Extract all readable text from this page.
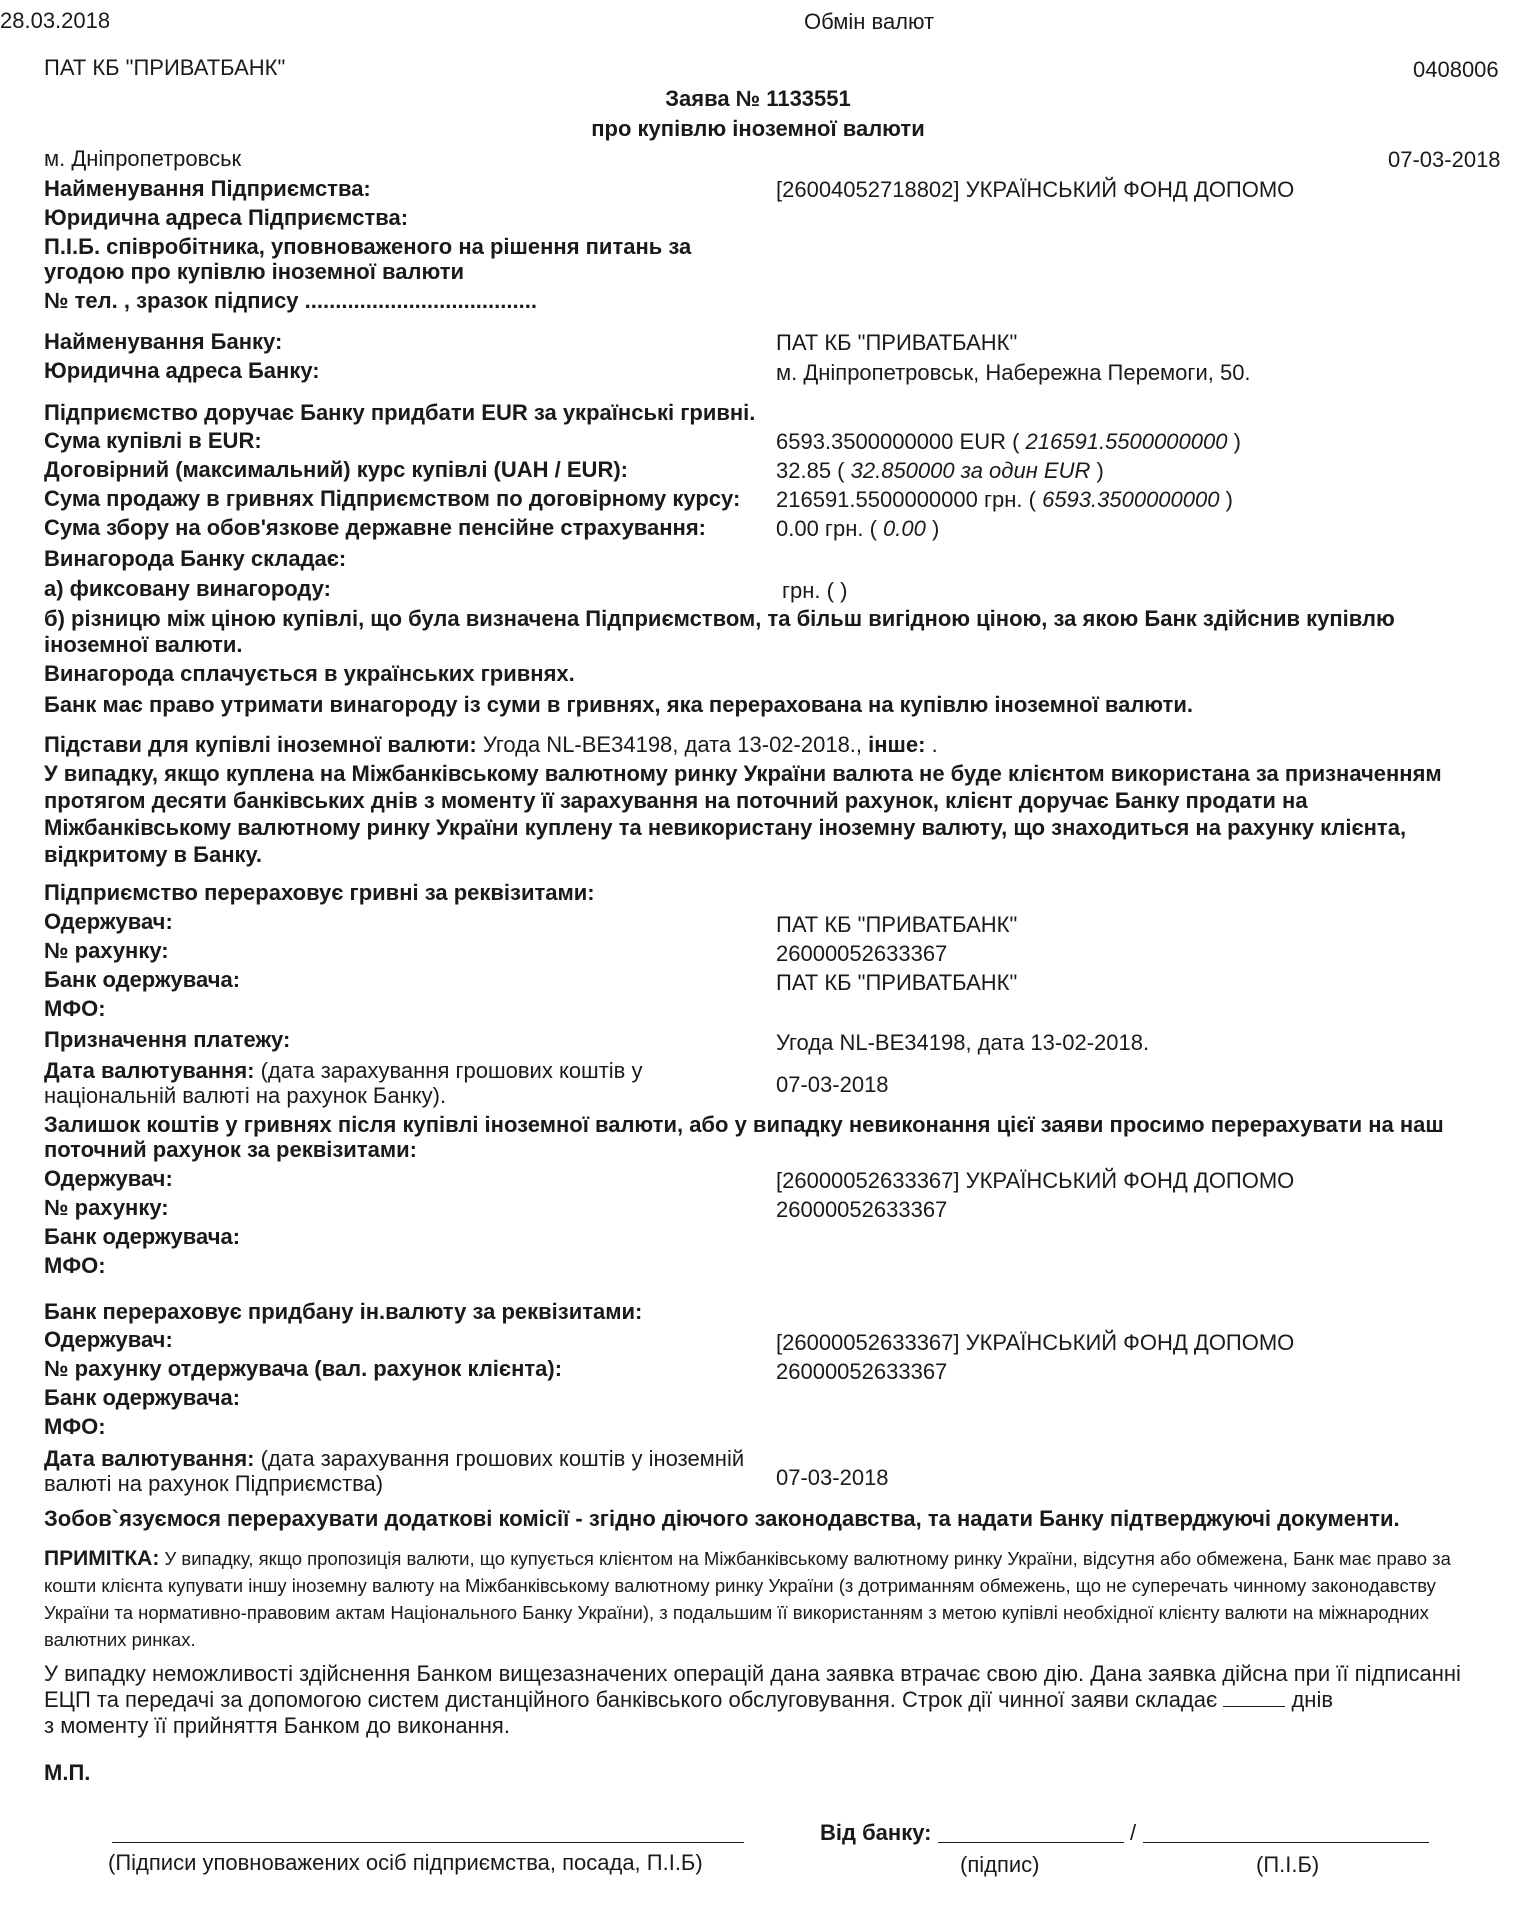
28.03.2018	Обмін валют
ПАТ КБ "ПРИВАТБАНК"	0408006
Заява № 1133551
про купівлю іноземної валюти
м. Дніпропетровськ	07-03-2018
Найменування Підприємства:	[26004052718802] УКРАЇНСЬКИЙ ФОНД ДОПОМО
Юридична адреса Підприємства:
П.І.Б. співробітника, уповноваженого на рішення питань за
угодою про купівлю іноземної валюти
№ тел. , зразок підпису ......................................
Найменування Банку:	ПАТ КБ "ПРИВАТБАНК"
Юридична адреса Банку:	м. Дніпропетровськ, Набережна Перемоги, 50.
Підприємство доручає Банку придбати EUR за українські гривні.
Сума купівлі в EUR:	6593.3500000000 EUR ( 216591.5500000000 )
Договірний (максимальний) курс купівлі (UAH / EUR):	32.85 ( 32.850000 за один EUR )
Сума продажу в гривнях Підприємством по договірному курсу: 216591.5500000000 грн. ( 6593.3500000000 )
Сума збору на обов'язкове державне пенсійне страхування:	0.00 грн. ( 0.00 )
Винагорода Банку складає:
а) фиксовану винагороду:	грн. ( )
б) різницю між ціною купівлі, що була визначена Підприємством, та більш вигідною ціною, за якою Банк здійснив купівлю іноземної валюти.
Винагорода сплачується в українських гривнях.
Банк має право утримати винагороду із суми в гривнях, яка перерахована на купівлю іноземної валюти.
Підстави для купівлі іноземної валюти: Угода NL-BE34198, дата 13-02-2018., інше: .
У випадку, якщо куплена на Міжбанківському валютному ринку України валюта не буде клієнтом використана за призначенням протягом десяти банківських днів з моменту її зарахування на поточний рахунок, клієнт доручає Банку продати на Міжбанківському валютному ринку України куплену та невикористану іноземну валюту, що знаходиться на рахунку клієнта, відкритому в Банку.
Підприємство перераховує гривні за реквізитами:
Одержувач:	ПАТ КБ "ПРИВАТБАНК"
№ рахунку:	26000052633367
Банк одержувача:	ПАТ КБ "ПРИВАТБАНК"
МФО:
Призначення платежу:	Угода NL-BE34198, дата 13-02-2018.
Дата валютування: (дата зарахування грошових коштів у
національній валюті на рахунок Банку).	07-03-2018
Залишок коштів у гривнях після купівлі іноземної валюти, або у випадку невиконання цієї заяви просимо перерахувати на наш поточний рахунок за реквізитами:
Одержувач:	[26000052633367] УКРАЇНСЬКИЙ ФОНД ДОПОМО
№ рахунку:	26000052633367
Банк одержувача:
МФО:
Банк перераховує придбану ін.валюту за реквізитами:
Одержувач:	[26000052633367] УКРАЇНСЬКИЙ ФОНД ДОПОМО
№ рахунку отдержувача (вал. рахунок клієнта):	26000052633367
Банк одержувача:
МФО:
Дата валютування: (дата зарахування грошових коштів у іноземній
валюті на рахунок Підприємства)	07-03-2018
Зобов`язуємося перерахувати додаткові комісії - згідно діючого законодавства, та надати Банку підтверджуючі документи.
ПРИМІТКА: У випадку, якщо пропозиція валюти, що купується клієнтом на Міжбанківському валютному ринку України, відсутня або обмежена, Банк має право за кошти клієнта купувати іншу іноземну валюту на Міжбанківському валютному ринку України (з дотриманням обмежень, що не суперечать чинному законодавству України та нормативно-правовим актам Національного Банку України), з подальшим її використанням з метою купівлі необхідної клієнту валюти на міжнародних валютних ринках.
У випадку неможливості здійснення Банком вищезазначених операцій дана заявка втрачає свою дію. Дана заявка дійсна при її підписанні ЕЦП та передачі за допомогою систем дистанційного банківського обслуговування. Строк дії чинної заяви складає	днів
з моменту її прийняття Банком до виконання.
М.П.
(Підписи уповноважених осіб підприємства, посада, П.І.Б)
Від банку:	/
(підпис)	(П.І.Б)
